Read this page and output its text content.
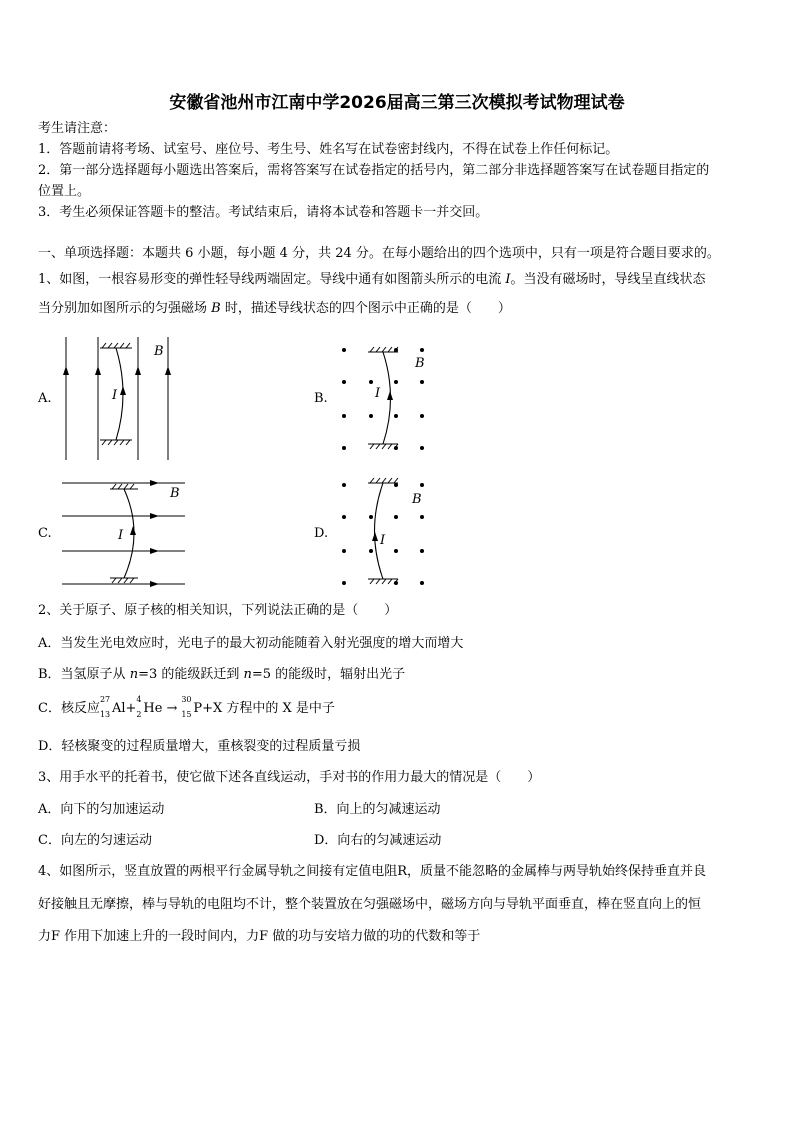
安徽省池州市江南中学2026届高三第三次模拟考试物理试卷
考生请注意：
1．答题前请将考场、试室号、座位号、考生号、姓名写在试卷密封线内，不得在试卷上作任何标记。
2．第一部分选择题每小题选出答案后，需将答案写在试卷指定的括号内，第二部分非选择题答案写在试卷题目指定的
位置上。
3．考生必须保证答题卡的整洁。考试结束后，请将本试卷和答题卡一并交回。
一、单项选择题：本题共 6 小题，每小题 4 分，共 24 分。在每小题给出的四个选项中，只有一项是符合题目要求的。
1、如图，一根容易形变的弹性轻导线两端固定。导线中通有如图箭头所示的电流 I。当没有磁场时，导线呈直线状态
当分别加如图所示的匀强磁场 B 时，描述导线状态的四个图示中正确的是（　　）
A.	B.
C.	D.
B
I
B
I
B
I
B
I
2、关于原子、原子核的相关知识，下列说法正确的是（　　）
A．当发生光电效应时，光电子的最大初动能随着入射光强度的增大而增大
B．当氢原子从 n=3 的能级跃迁到 n=5 的能级时，辐射出光子
C．核反应
27
13 Al+
4
2 He →
30
15 P+X 方程中的 X 是中子
D．轻核聚变的过程质量增大，重核裂变的过程质量亏损
3、用手水平的托着书，使它做下述各直线运动，手对书的作用力最大的情况是（　　）
A．向下的匀加速运动	B．向上的匀减速运动
C．向左的匀速运动	D．向右的匀减速运动
4、如图所示，竖直放置的两根平行金属导轨之间接有定值电阻R，质量不能忽略的金属棒与两导轨始终保持垂直并良
好接触且无摩擦，棒与导轨的电阻均不计，整个装置放在匀强磁场中，磁场方向与导轨平面垂直，棒在竖直向上的恒
力F 作用下加速上升的一段时间内，力F 做的功与安培力做的功的代数和等于
